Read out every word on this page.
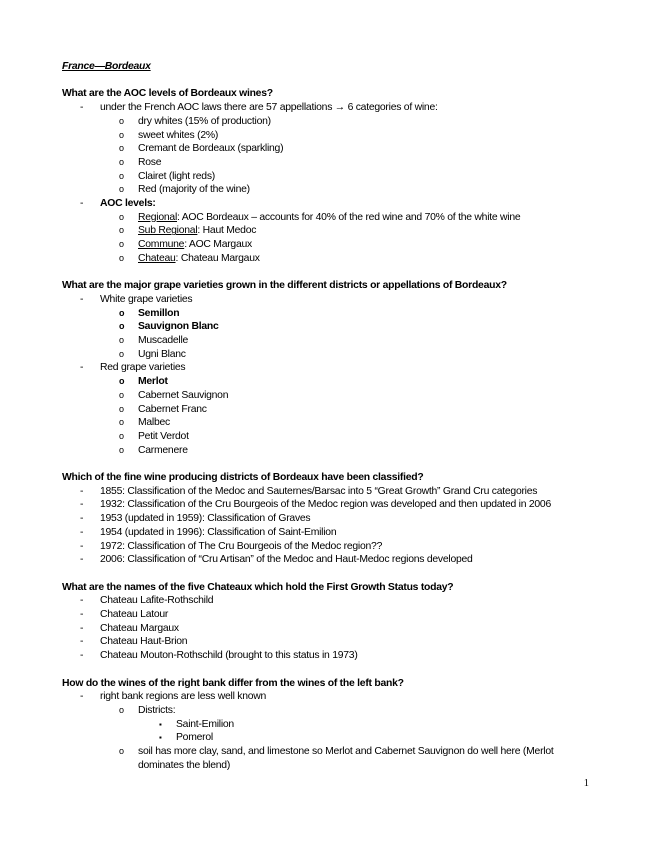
France—Bordeaux
What are the AOC levels of Bordeaux wines?
- under the French AOC laws there are 57 appellations → 6 categories of wine:
o dry whites (15% of production)
o sweet whites (2%)
o Cremant de Bordeaux (sparkling)
o Rose
o Clairet (light reds)
o Red (majority of the wine)
- AOC levels:
o Regional: AOC Bordeaux – accounts for 40% of the red wine and 70% of the white wine
o Sub Regional: Haut Medoc
o Commune: AOC Margaux
o Chateau: Chateau Margaux
What are the major grape varieties grown in the different districts or appellations of Bordeaux?
- White grape varieties
o Semillon
o Sauvignon Blanc
o Muscadelle
o Ugni Blanc
- Red grape varieties
o Merlot
o Cabernet Sauvignon
o Cabernet Franc
o Malbec
o Petit Verdot
o Carmenere
Which of the fine wine producing districts of Bordeaux have been classified?
- 1855: Classification of the Medoc and Sauternes/Barsac into 5 “Great Growth” Grand Cru categories
- 1932: Classification of the Cru Bourgeois of the Medoc region was developed and then updated in 2006
- 1953 (updated in 1959): Classification of Graves
- 1954 (updated in 1996): Classification of Saint-Emilion
- 1972: Classification of The Cru Bourgeois of the Medoc region??
- 2006: Classification of “Cru Artisan” of the Medoc and Haut-Medoc regions developed
What are the names of the five Chateaux which hold the First Growth Status today?
- Chateau Lafite-Rothschild
- Chateau Latour
- Chateau Margaux
- Chateau Haut-Brion
- Chateau Mouton-Rothschild (brought to this status in 1973)
How do the wines of the right bank differ from the wines of the left bank?
- right bank regions are less well known
o Districts:
▪ Saint-Emilion
▪ Pomerol
o soil has more clay, sand, and limestone so Merlot and Cabernet Sauvignon do well here (Merlot dominates the blend)
1
